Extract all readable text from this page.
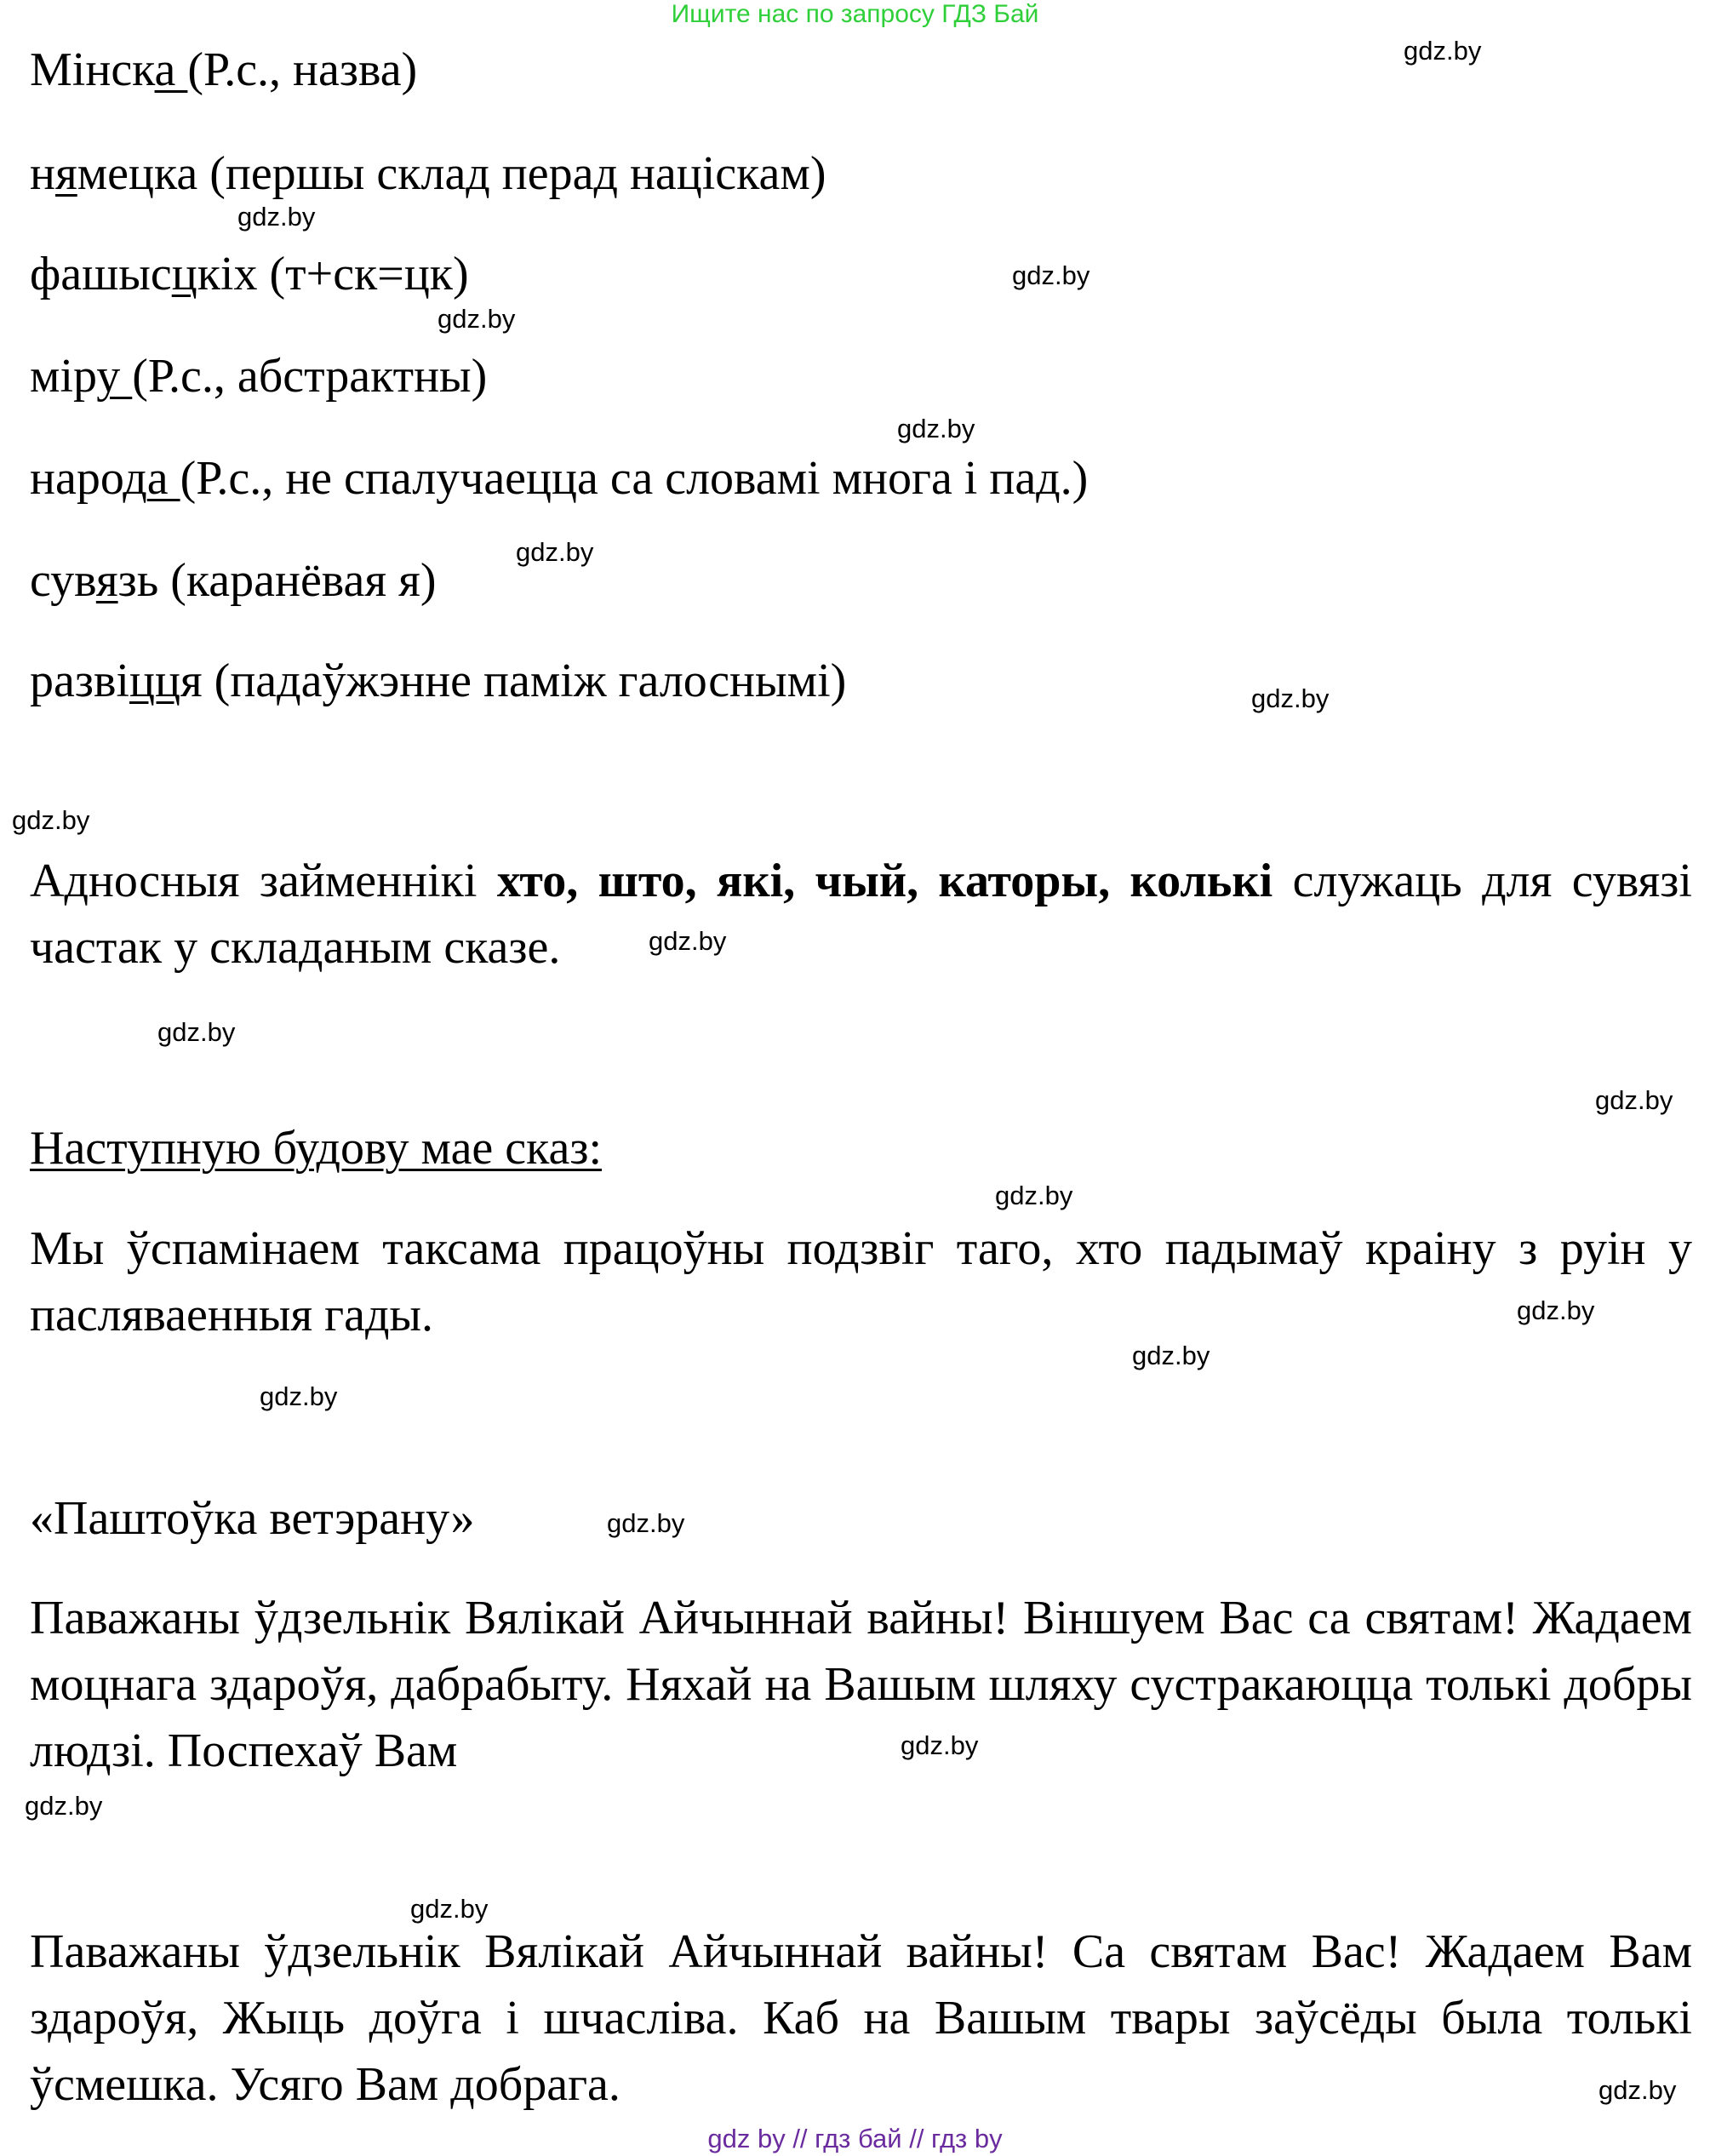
Ищите нас по запросу ГДЗ Бай
Мінска (Р.с., назва)
нямецка (першы склад перад націскам)
фашысцкіх (т+ск=цк)
міру (Р.с., абстрактны)
народа (Р.с., не спалучаецца са словамі многа і пад.)
сувязь (каранёвая я)
развіцця (падаўжэнне паміж галоснымі)
Адносныя займеннікі хто, што, які, чый, каторы, колькі служаць для сувязі частак у складаным сказе.
Наступную будову мае сказ:
Мы ўспамінаем таксама працоўны подзвіг таго, хто падымаў краіну з руін у пасляваенныя гады.
«Паштоўка ветэрану»
Паважаны ўдзельнік Вялікай Айчыннай вайны! Віншуем Вас са святам! Жадаем моцнага здароўя, дабрабыту. Няхай на Вашым шляху сустракаюцца толькі добры людзі. Поспехаў Вам
Паважаны ўдзельнік Вялікай Айчыннай вайны! Са святам Вас! Жадаем Вам здароўя, Жыць доўга і шчасліва. Каб на Вашым твары заўсёды была толькі ўсмешка. Усяго Вам добрага.
gdz.by
gdz.by
gdz.by
gdz.by
gdz.by
gdz.by
gdz.by
gdz.by
gdz.by
gdz.by
gdz.by
gdz.by
gdz.by
gdz.by
gdz.by
gdz.by
gdz.by
gdz.by
gdz.by
gdz.by
gdz by // гдз бай // гдз by
